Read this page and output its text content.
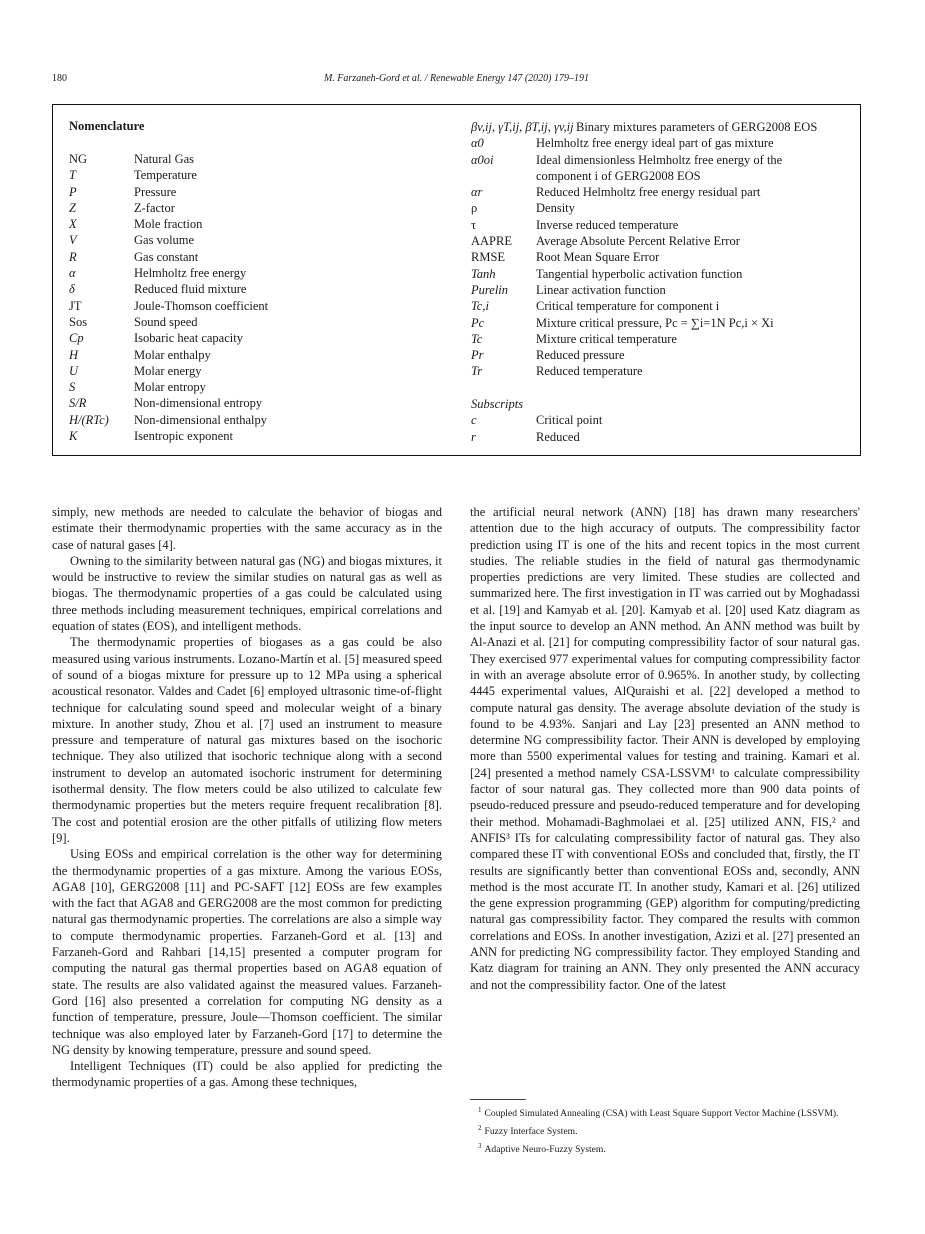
180	M. Farzaneh-Gord et al. / Renewable Energy 147 (2020) 179–191
Nomenclature
NG	Natural Gas
T	Temperature
P	Pressure
Z	Z-factor
X	Mole fraction
V	Gas volume
R	Gas constant
α	Helmholtz free energy
δ	Reduced fluid mixture
JT	Joule-Thomson coefficient
Sos	Sound speed
Cp	Isobaric heat capacity
H	Molar enthalpy
U	Molar energy
S	Molar entropy
S/R	Non-dimensional entropy
H/(RTc) Non-dimensional enthalpy
K	Isentropic exponent
βv,ij, γT,ij, βT,ij, γv,ij Binary mixtures parameters of GERG2008 EOS
α0	Helmholtz free energy ideal part of gas mixture
α0oi	Ideal dimensionless Helmholtz free energy of the
component i of GERG2008 EOS
αr	Reduced Helmholtz free energy residual part
ρ	Density
τ	Inverse reduced temperature
AAPRE Average Absolute Percent Relative Error
RMSE Root Mean Square Error
Tanh	Tangential hyperbolic activation function
Purelin Linear activation function
Tc,i	Critical temperature for component i
Pc	Mixture critical pressure, Pc = ∑i=1N Pc,i × Xi
Tc	Mixture critical temperature
Pr	Reduced pressure
Tr	Reduced temperature
Subscripts
c	Critical point
r	Reduced

simply, new methods are needed to calculate the behavior of biogas and estimate their thermodynamic properties with the same accuracy as in the case of natural gases [4].

Owning to the similarity between natural gas (NG) and biogas mixtures, it would be instructive to review the similar studies on natural gas as well as biogas. The thermodynamic properties of a gas could be calculated using three methods including measurement techniques, empirical correlations and equation of states (EOS), and intelligent methods.

The thermodynamic properties of biogases as a gas could be also measured using various instruments. Lozano-Martín et al. [5] measured speed of sound of a biogas mixture for pressure up to 12 MPa using a spherical acoustical resonator. Valdes and Cadet [6] employed ultrasonic time-of-flight technique for calculating sound speed and molecular weight of a binary mixture. In another study, Zhou et al. [7] used an instrument to measure pressure and temperature of natural gas mixtures based on the isochoric technique. They also utilized that isochoric technique along with a second instrument to develop an automated isochoric instrument for determining isothermal density. The flow meters could be also utilized to calculate few thermodynamic properties but the meters require frequent recalibration [8]. The cost and potential erosion are the other pitfalls of utilizing flow meters [9].

Using EOSs and empirical correlation is the other way for determining the thermodynamic properties of a gas mixture. Among the various EOSs, AGA8 [10], GERG2008 [11] and PC-SAFT [12] EOSs are few examples with the fact that AGA8 and GERG2008 are the most common for predicting natural gas thermodynamic properties. The correlations are also a simple way to compute thermodynamic properties. Farzaneh-Gord et al. [13] and Farzaneh-Gord and Rahbari [14,15] presented a computer program for computing the natural gas thermal properties based on AGA8 equation of state. The results are also validated against the measured values. Farzaneh-Gord [16] also presented a correlation for computing NG density as a function of temperature, pressure, Joule—Thomson coefficient. The similar technique was also employed later by Farzaneh-Gord [17] to determine the NG density by knowing temperature, pressure and sound speed.

Intelligent Techniques (IT) could be also applied for predicting the thermodynamic properties of a gas. Among these techniques,

the artificial neural network (ANN) [18] has drawn many researchers' attention due to the high accuracy of outputs. The compressibility factor prediction using IT is one of the hits and recent topics in the most current studies. The reliable studies in the field of natural gas thermodynamic properties predictions are very limited. These studies are collected and summarized here. The first investigation in IT was carried out by Moghadassi et al. [19] and Kamyab et al. [20]. Kamyab et al. [20] used Katz diagram as the input source to develop an ANN method. An ANN method was built by Al-Anazi et al. [21] for computing compressibility factor of sour natural gas. They exercised 977 experimental values for computing compressibility factor in with an average absolute error of 0.965%. In another study, by collecting 4445 experimental values, AlQuraishi et al. [22] developed a method to compute natural gas density. The average absolute deviation of the study is found to be 4.93%. Sanjari and Lay [23] presented an ANN method to determine NG compressibility factor. Their ANN is developed by employing more than 5500 experimental values for testing and training. Kamari et al. [24] presented a method namely CSA-LSSVM¹ to calculate compressibility factor of sour natural gas. They collected more than 900 data points of pseudo-reduced pressure and pseudo-reduced temperature and for developing their method. Mohamadi-Baghmolaei et al. [25] utilized ANN, FIS,² and ANFIS³ ITs for calculating compressibility factor of natural gas. They also compared these IT with conventional EOSs and concluded that, firstly, the IT results are significantly better than conventional EOSs and, secondly, ANN method is the most accurate IT. In another study, Kamari et al. [26] utilized the gene expression programming (GEP) algorithm for computing/predicting natural gas compressibility factor. They compared the results with common correlations and EOSs. In another investigation, Azizi et al. [27] presented an ANN for predicting NG compressibility factor. They employed Standing and Katz diagram for training an ANN. They only presented the ANN accuracy and not the compressibility factor. One of the latest

$^1$ Coupled Simulated Annealing (CSA) with Least Square Support Vector Machine (LSSVM).
$^2$ Fuzzy Interface System.
$^3$ Adaptive Neuro-Fuzzy System.
